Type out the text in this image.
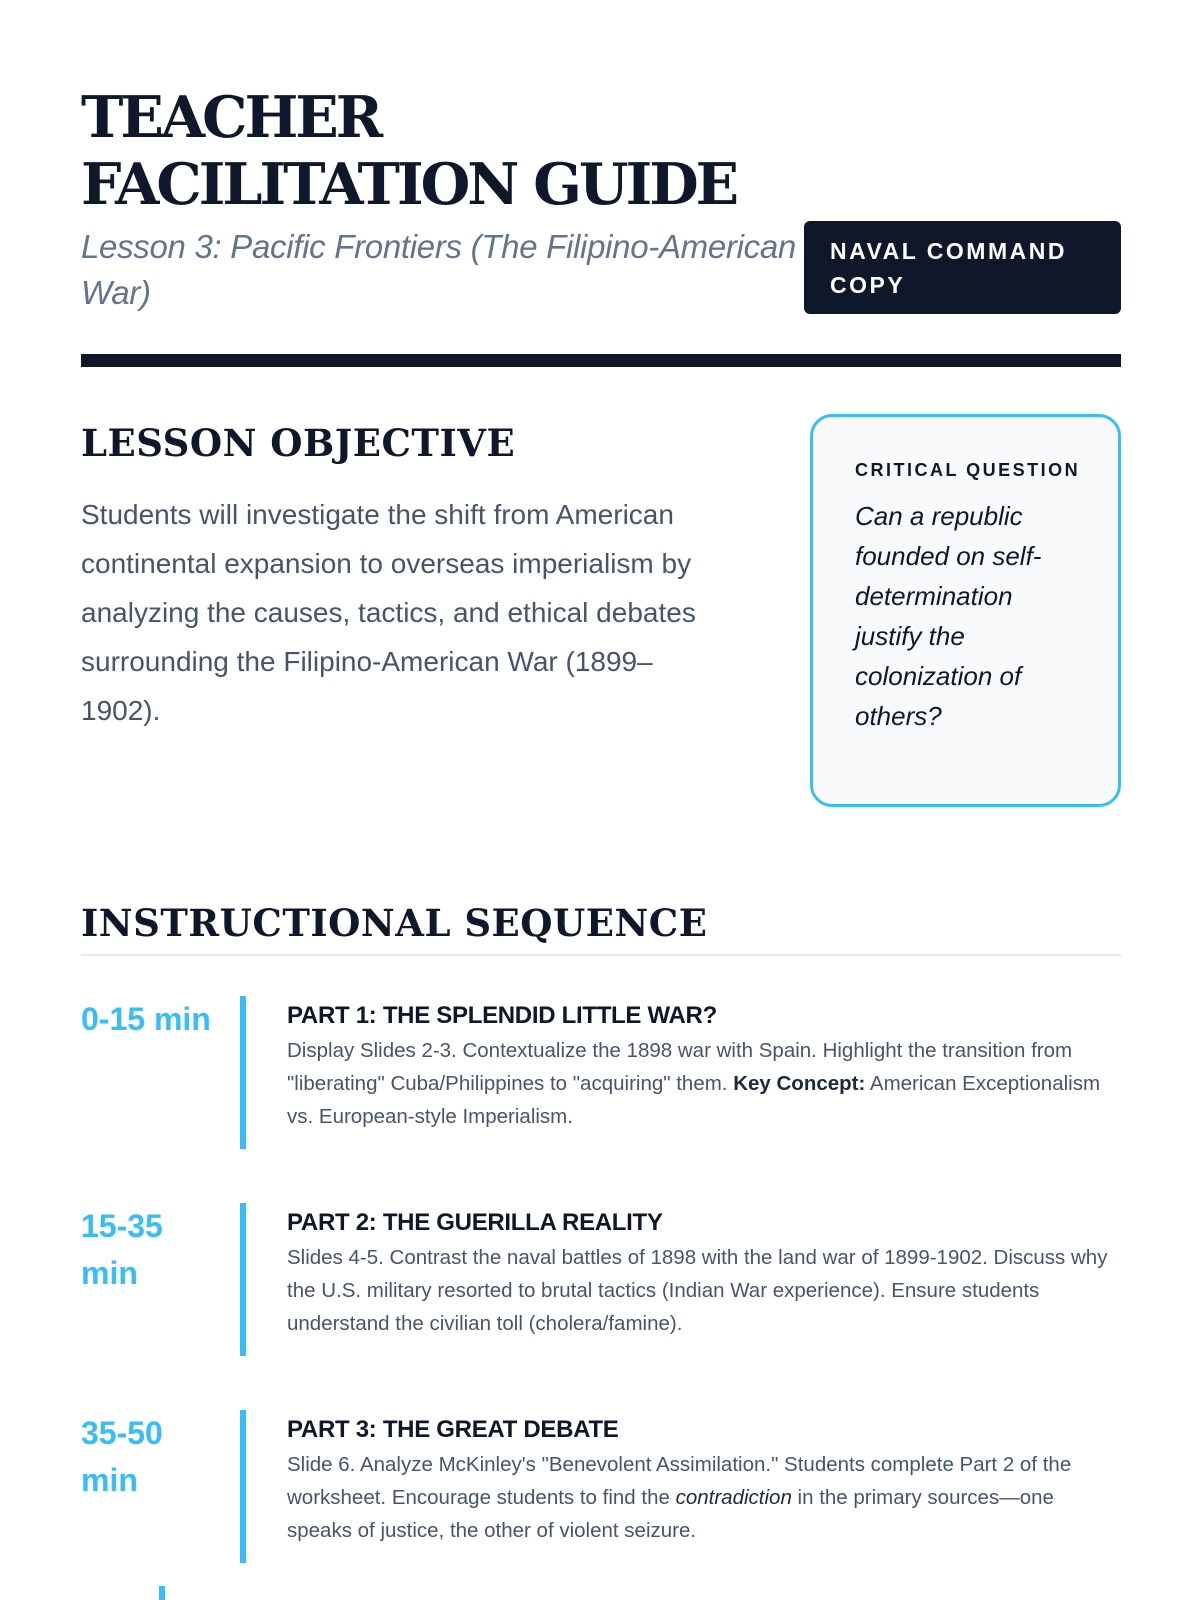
TEACHER FACILITATION GUIDE
Lesson 3: Pacific Frontiers (The Filipino-American War)
NAVAL COMMAND COPY
LESSON OBJECTIVE

Students will investigate the shift from American continental expansion to overseas imperialism by analyzing the causes, tactics, and ethical debates surrounding the Filipino-American War (1899–1902).

CRITICAL QUESTION
Can a republic founded on self-determination justify the colonization of others?
INSTRUCTIONAL SEQUENCE
0-15 min	PART 1: THE SPLENDID LITTLE WAR?

Display Slides 2-3. Contextualize the 1898 war with Spain. Highlight the transition from "liberating" Cuba/Philippines to "acquiring" them. Key Concept: American Exceptionalism vs. European-style Imperialism.

15-35 min
PART 2: THE GUERILLA REALITY

Slides 4-5. Contrast the naval battles of 1898 with the land war of 1899-1902. Discuss why the U.S. military resorted to brutal tactics (Indian War experience). Ensure students understand the civilian toll (cholera/famine).

35-50 min
PART 3: THE GREAT DEBATE

Slide 6. Analyze McKinley's "Benevolent Assimilation." Students complete Part 2 of the worksheet. Encourage students to find the contradiction in the primary sources—one speaks of justice, the other of violent seizure.
